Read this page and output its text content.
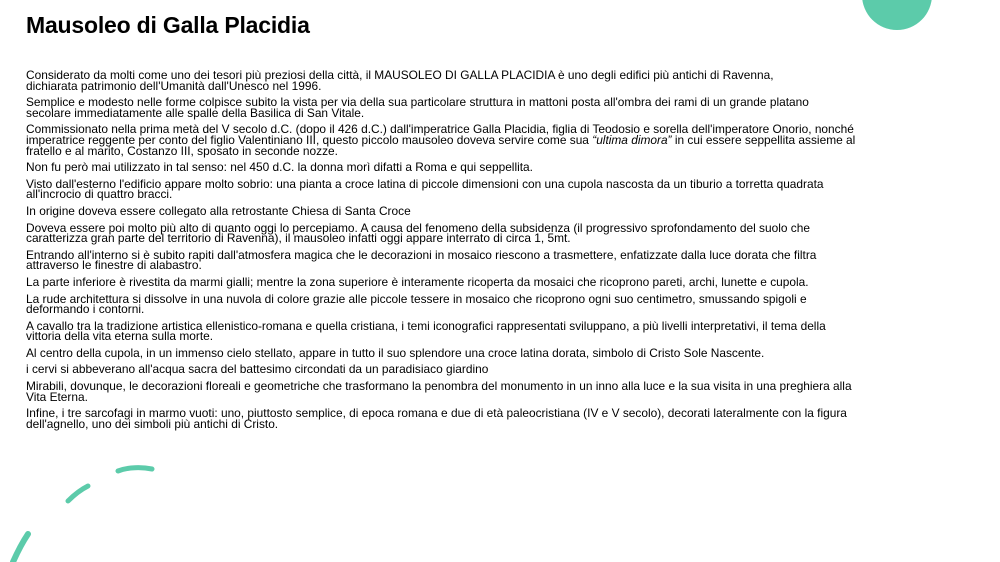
Mausoleo di Galla Placidia

Considerato da molti come uno dei tesori più preziosi della città, il MAUSOLEO DI GALLA PLACIDIA è uno degli edifici più antichi di Ravenna,
dichiarata patrimonio dell'Umanità dall'Unesco nel 1996.

Semplice e modesto nelle forme colpisce subito la vista per via della sua particolare struttura in mattoni posta all'ombra dei rami di un grande platano
secolare immediatamente alle spalle della Basilica di San Vitale.

Commissionato nella prima metà del V secolo d.C. (dopo il 426 d.C.) dall'imperatrice Galla Placidia, figlia di Teodosio e sorella dell'imperatore Onorio, nonché
imperatrice reggente per conto del figlio Valentiniano III, questo piccolo mausoleo doveva servire come sua “ultima dimora” in cui essere seppellita assieme al
fratello e al marito, Costanzo III, sposato in seconde nozze.

Non fu però mai utilizzato in tal senso: nel 450 d.C. la donna morì difatti a Roma e qui seppellita.

Visto dall'esterno l'edificio appare molto sobrio: una pianta a croce latina di piccole dimensioni con una cupola nascosta da un tiburio a torretta quadrata
all'incrocio di quattro bracci.

In origine doveva essere collegato alla retrostante Chiesa di Santa Croce

Doveva essere poi molto più alto di quanto oggi lo percepiamo. A causa del fenomeno della subsidenza (il progressivo sprofondamento del suolo che
caratterizza gran parte del territorio di Ravenna), il mausoleo infatti oggi appare interrato di circa 1, 5mt.

Entrando all'interno si è subito rapiti dall'atmosfera magica che le decorazioni in mosaico riescono a trasmettere, enfatizzate dalla luce dorata che filtra
attraverso le finestre di alabastro.

La parte inferiore è rivestita da marmi gialli; mentre la zona superiore è interamente ricoperta da mosaici che ricoprono pareti, archi, lunette e cupola.

La rude architettura si dissolve in una nuvola di colore grazie alle piccole tessere in mosaico che ricoprono ogni suo centimetro, smussando spigoli e
deformando i contorni.

A cavallo tra la tradizione artistica ellenistico-romana e quella cristiana, i temi iconografici rappresentati sviluppano, a più livelli interpretativi, il tema della
vittoria della vita eterna sulla morte.

Al centro della cupola, in un immenso cielo stellato, appare in tutto il suo splendore una croce latina dorata, simbolo di Cristo Sole Nascente.

i cervi si abbeverano all'acqua sacra del battesimo circondati da un paradisiaco giardino

Mirabili, dovunque, le decorazioni floreali e geometriche che trasformano la penombra del monumento in un inno alla luce e la sua visita in una preghiera alla
Vita Eterna.

Infine, i tre sarcofagi in marmo vuoti: uno, piuttosto semplice, di epoca romana e due di età paleocristiana (IV e V secolo), decorati lateralmente con la figura
dell'agnello, uno dei simboli più antichi di Cristo.
